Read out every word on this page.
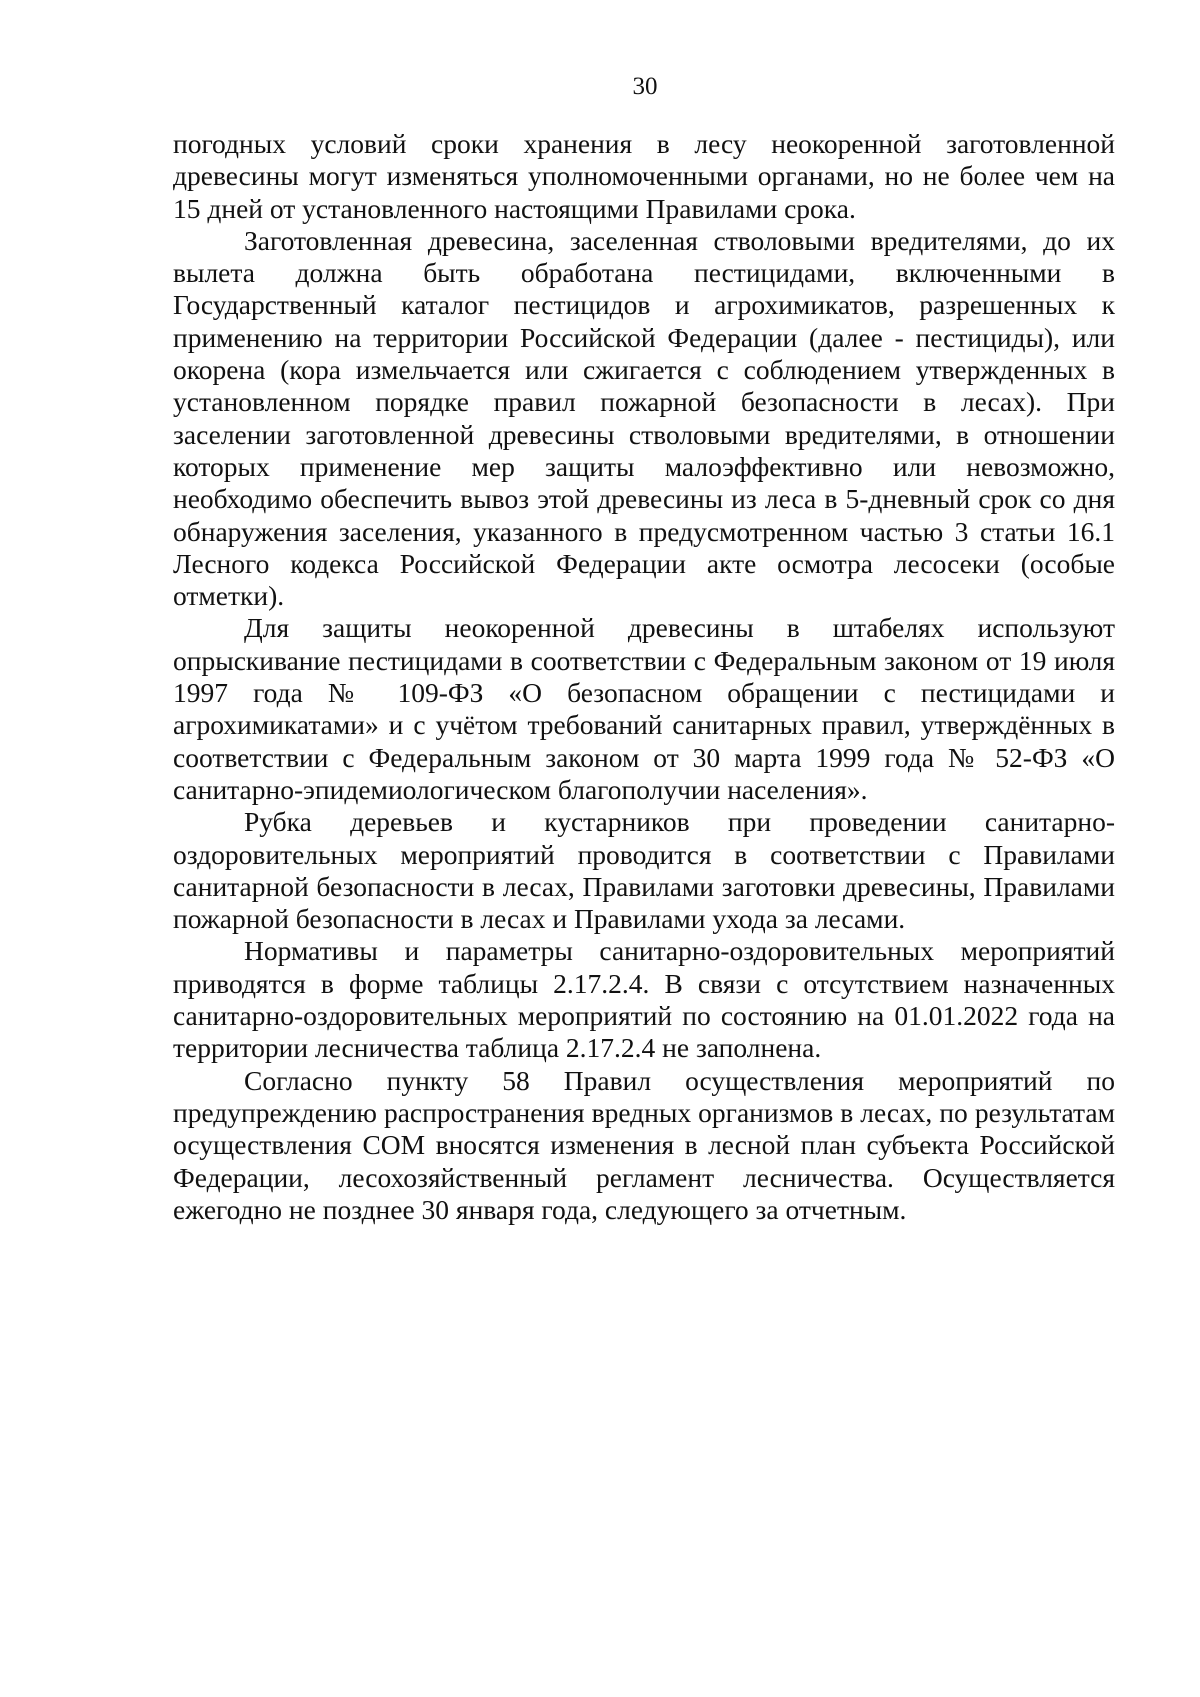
30

погодных условий сроки хранения в лесу неокоренной заготовленной древесины могут изменяться уполномоченными органами, но не более чем на 15 дней от установленного настоящими Правилами срока.

Заготовленная древесина, заселенная стволовыми вредителями, до их вылета должна быть обработана пестицидами, включенными в Государственный каталог пестицидов и агрохимикатов, разрешенных к применению на территории Российской Федерации (далее - пестициды), или окорена (кора измельчается или сжигается с соблюдением утвержденных в установленном порядке правил пожарной безопасности в лесах). При заселении заготовленной древесины стволовыми вредителями, в отношении которых применение мер защиты малоэффективно или невозможно, необходимо обеспечить вывоз этой древесины из леса в 5-дневный срок со дня обнаружения заселения, указанного в предусмотренном частью 3 статьи 16.1 Лесного кодекса Российской Федерации акте осмотра лесосеки (особые отметки).

Для защиты неокоренной древесины в штабелях используют опрыскивание пестицидами в соответствии с Федеральным законом от 19 июля 1997 года № 109-ФЗ «О безопасном обращении с пестицидами и агрохимикатами» и с учётом требований санитарных правил, утверждённых в соответствии с Федеральным законом от 30 марта 1999 года № 52-ФЗ «О санитарно-эпидемиологическом благополучии населения».

Рубка деревьев и кустарников при проведении санитарно-оздоровительных мероприятий проводится в соответствии с Правилами санитарной безопасности в лесах, Правилами заготовки древесины, Правилами пожарной безопасности в лесах и Правилами ухода за лесами.

Нормативы и параметры санитарно-оздоровительных мероприятий приводятся в форме таблицы 2.17.2.4. В связи с отсутствием назначенных санитарно-оздоровительных мероприятий по состоянию на 01.01.2022 года на территории лесничества таблица 2.17.2.4 не заполнена.

Согласно пункту 58 Правил осуществления мероприятий по предупреждению распространения вредных организмов в лесах, по результатам осуществления СОМ вносятся изменения в лесной план субъекта Российской Федерации, лесохозяйственный регламент лесничества. Осуществляется ежегодно не позднее 30 января года, следующего за отчетным.
